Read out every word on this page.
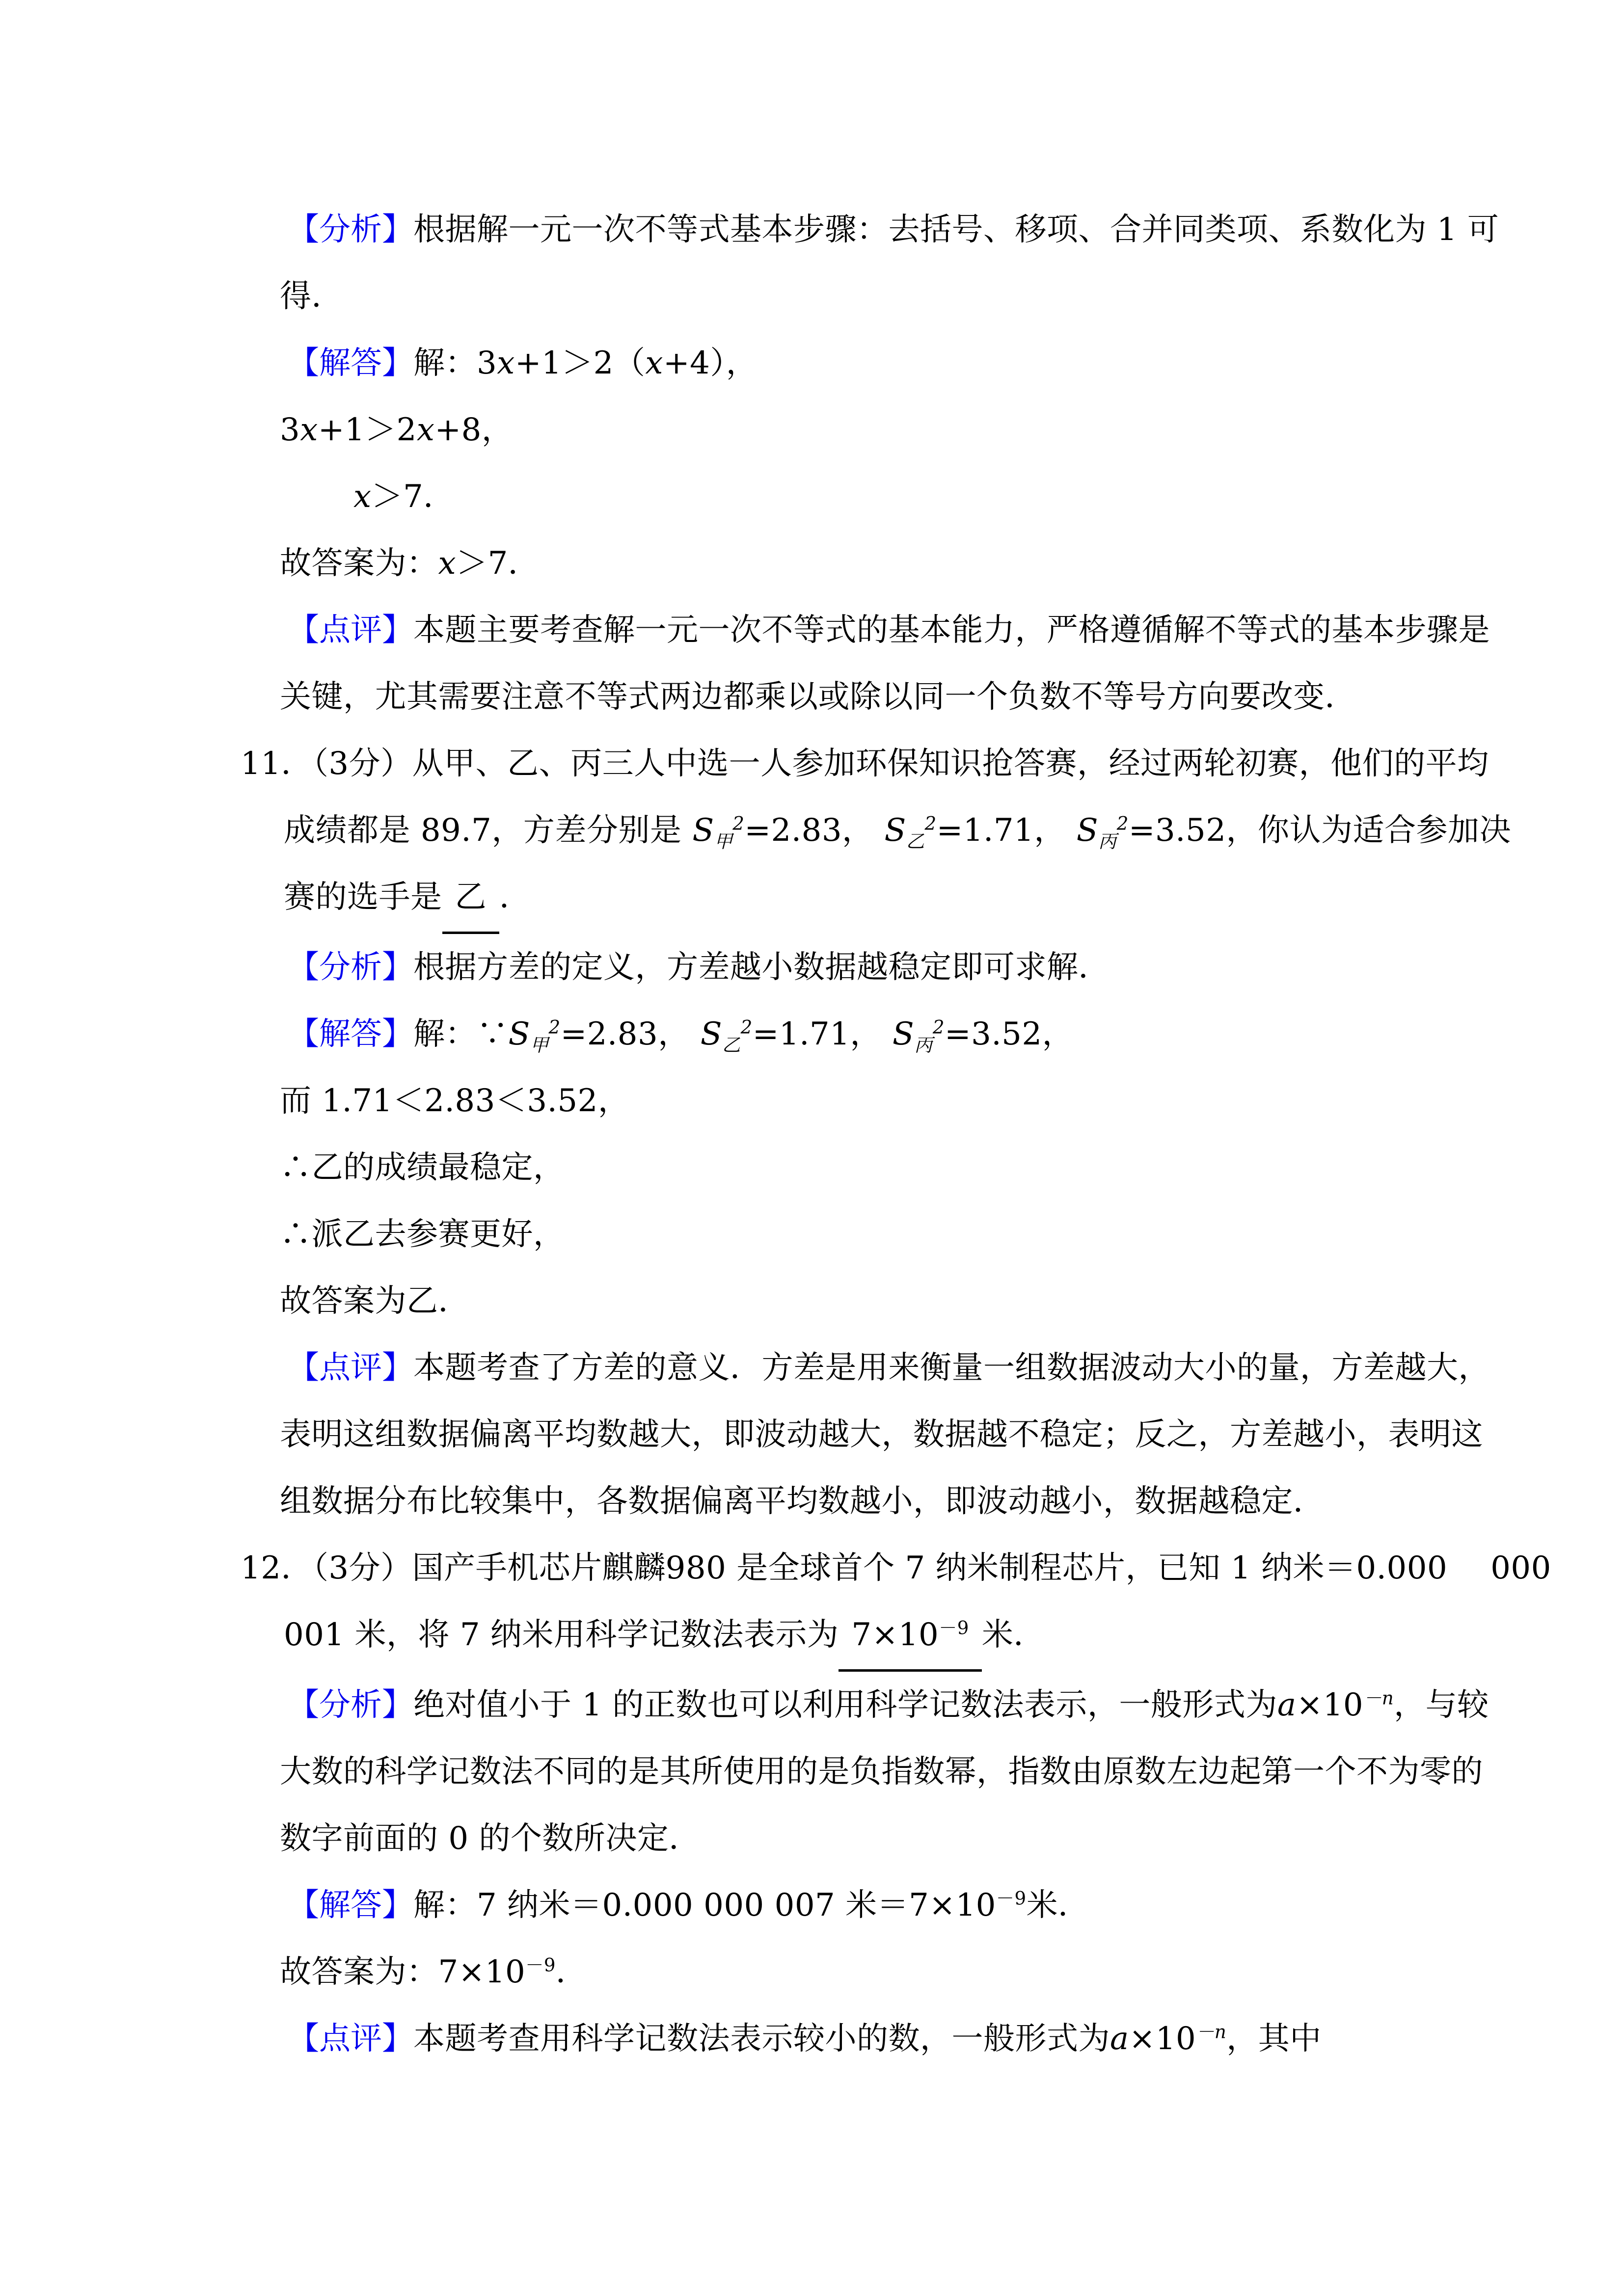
【分析】根据解一元一次不等式基本步骤：去括号、移项、合并同类项、系数化为 1 可
得．
【解答】解：3x+1＞2（x+4），
3x+1＞2x+8，
x＞7．
故答案为：x＞7．
【点评】本题主要考查解一元一次不等式的基本能力，严格遵循解不等式的基本步骤是
关键，尤其需要注意不等式两边都乘以或除以同一个负数不等号方向要改变．
11．（3分）从甲、乙、丙三人中选一人参加环保知识抢答赛，经过两轮初赛，他们的平均
成绩都是 89.7，方差分别是 $S_甲^2=2.83$， $S_乙^2=1.71$， $S_丙^2=3.52$，你认为适合参加决
赛的选手是 乙 ．
【分析】根据方差的定义，方差越小数据越稳定即可求解．
【解答】解：$\because S_甲^2=2.83$， $S_乙^2=1.71$， $S_丙^2=3.52$，
而 1.71＜2.83＜3.52，
∴乙的成绩最稳定，
∴派乙去参赛更好，
故答案为乙．
【点评】本题考查了方差的意义．方差是用来衡量一组数据波动大小的量，方差越大，
表明这组数据偏离平均数越大，即波动越大，数据越不稳定；反之，方差越小，表明这
组数据分布比较集中，各数据偏离平均数越小，即波动越小，数据越稳定．
12．（3分）国产手机芯片麒麟980 是全球首个 7 纳米制程芯片，已知 1 纳米＝0.000 000
001 米，将 7 纳米用科学记数法表示为 $7\times 10^{-9}$ 米．
【分析】绝对值小于 1 的正数也可以利用科学记数法表示，一般形式为$a\times 10^{-n}$，与较
大数的科学记数法不同的是其所使用的是负指数幂，指数由原数左边起第一个不为零的
数字前面的 0 的个数所决定．
【解答】解：7 纳米＝0.000 000 007 米$=7\times 10^{-9}$米．
故答案为：$7\times 10^{-9}$．
【点评】本题考查用科学记数法表示较小的数，一般形式为$a\times 10^{-n}$，其中
